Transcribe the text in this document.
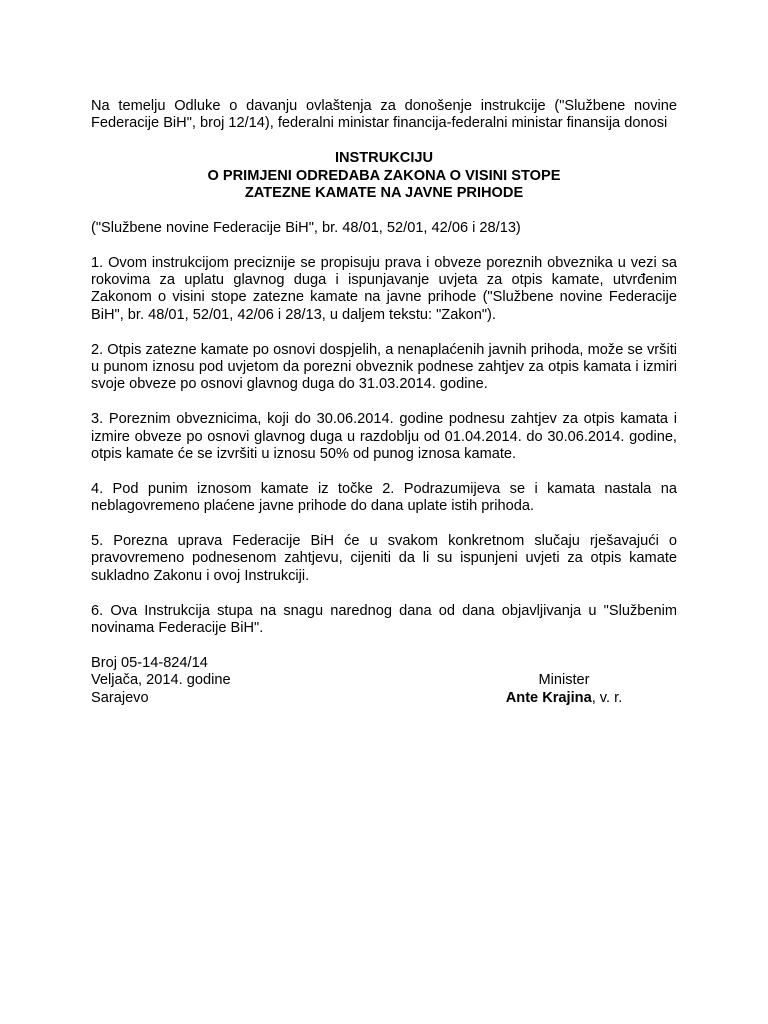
Na temelju Odluke o davanju ovlaštenja za donošenje instrukcije ("Službene novine Federacije BiH", broj 12/14), federalni ministar financija-federalni ministar finansija donosi

INSTRUKCIJU
O PRIMJENI ODREDABA ZAKONA O VISINI STOPE
ZATEZNE KAMATE NA JAVNE PRIHODE

("Službene novine Federacije BiH", br. 48/01, 52/01, 42/06 i 28/13)

1. Ovom instrukcijom preciznije se propisuju prava i obveze poreznih obveznika u vezi sa rokovima za uplatu glavnog duga i ispunjavanje uvjeta za otpis kamate, utvrđenim Zakonom o visini stope zatezne kamate na javne prihode ("Službene novine Federacije BiH", br. 48/01, 52/01, 42/06 i 28/13, u daljem tekstu: "Zakon").

2. Otpis zatezne kamate po osnovi dospjelih, a nenaplaćenih javnih prihoda, može se vršiti u punom iznosu pod uvjetom da porezni obveznik podnese zahtjev za otpis kamata i izmiri svoje obveze po osnovi glavnog duga do 31.03.2014. godine.

3. Poreznim obveznicima, koji do 30.06.2014. godine podnesu zahtjev za otpis kamata i izmire obveze po osnovi glavnog duga u razdoblju od 01.04.2014. do 30.06.2014. godine, otpis kamate će se izvršiti u iznosu 50% od punog iznosa kamate.

4. Pod punim iznosom kamate iz točke 2. Podrazumijeva se i kamata nastala na neblagovremeno plaćene javne prihode do dana uplate istih prihoda.

5. Porezna uprava Federacije BiH će u svakom konkretnom slučaju rješavajući o pravovremeno podnesenom zahtjevu, cijeniti da li su ispunjeni uvjeti za otpis kamate sukladno Zakonu i ovoj Instrukciji.

6. Ova Instrukcija stupa na snagu narednog dana od dana objavljivanja u "Službenim novinama Federacije BiH".

Broj 05-14-824/14
Veljača, 2014. godine
Sarajevo
Minister
Ante Krajina, v. r.
